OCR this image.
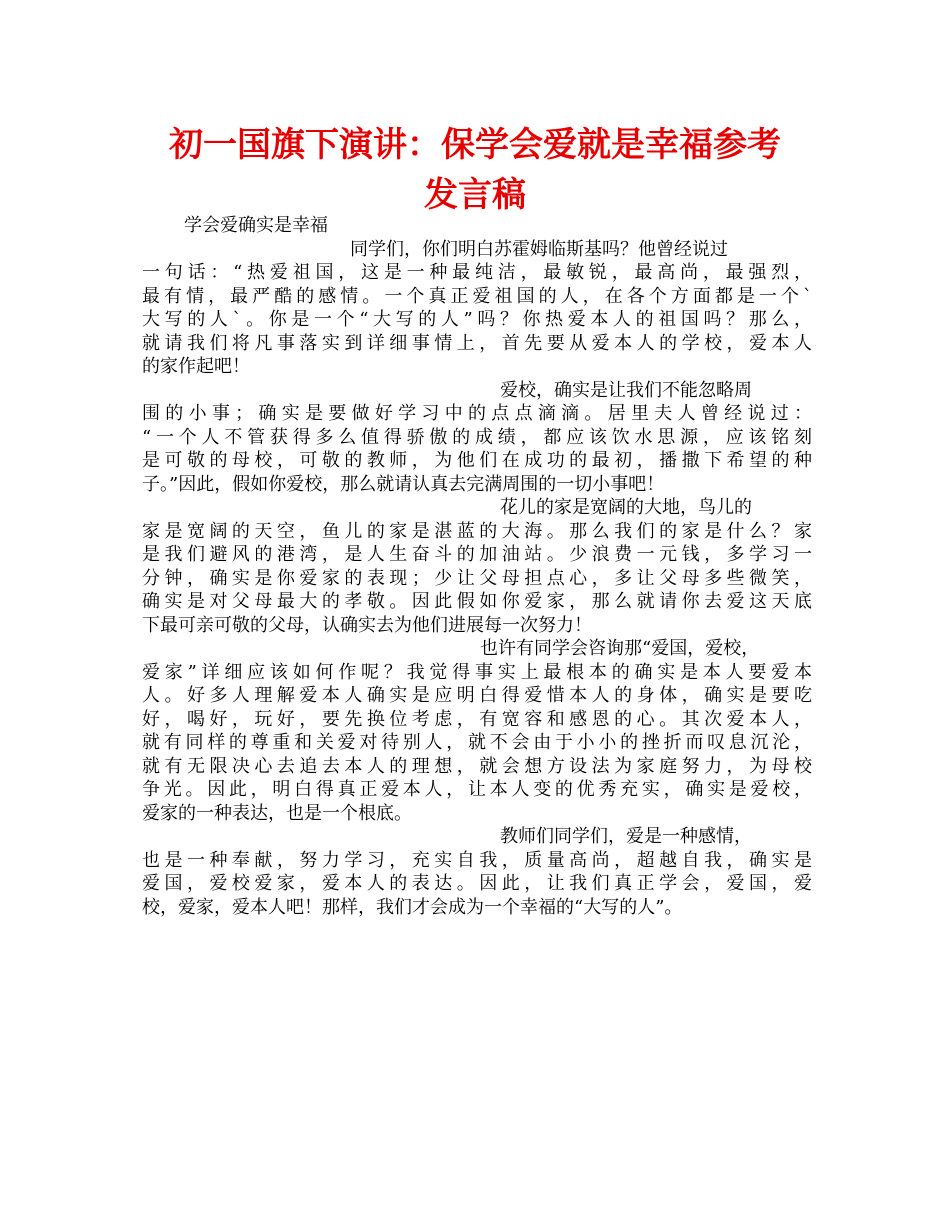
初一国旗下演讲：保学会爱就是幸福参考
发言稿
学会爱确实是幸福
同学们，你们明白苏霍姆临斯基吗？他曾经说过
一句话：“热爱祖国，这是一种最纯洁，最敏锐，最高尚，最强烈，
最有情，最严酷的感情。一个真正爱祖国的人，在各个方面都是一个`
大写的人`。你是一个“大写的人”吗？你热爱本人的祖国吗？那么，
就请我们将凡事落实到详细事情上，首先要从爱本人的学校，爱本人
的家作起吧！
爱校，确实是让我们不能忽略周
围的小事；确实是要做好学习中的点点滴滴。居里夫人曾经说过：
“一个人不管获得多么值得骄傲的成绩，都应该饮水思源，应该铭刻
是可敬的母校，可敬的教师，为他们在成功的最初，播撒下希望的种
子。”因此，假如你爱校，那么就请认真去完满周围的一切小事吧！
花儿的家是宽阔的大地，鸟儿的
家是宽阔的天空，鱼儿的家是湛蓝的大海。那么我们的家是什么？家
是我们避风的港湾，是人生奋斗的加油站。少浪费一元钱，多学习一
分钟，确实是你爱家的表现；少让父母担点心，多让父母多些微笑，
确实是对父母最大的孝敬。因此假如你爱家，那么就请你去爱这天底
下最可亲可敬的父母，认确实去为他们进展每一次努力！
也许有同学会咨询那“爱国，爱校，
爱家”详细应该如何作呢？我觉得事实上最根本的确实是本人要爱本
人。好多人理解爱本人确实是应明白得爱惜本人的身体，确实是要吃
好，喝好，玩好，要先换位考虑，有宽容和感恩的心。其次爱本人，
就有同样的尊重和关爱对待别人，就不会由于小小的挫折而叹息沉沦，
就有无限决心去追去本人的理想，就会想方设法为家庭努力，为母校
争光。因此，明白得真正爱本人，让本人变的优秀充实，确实是爱校，
爱家的一种表达，也是一个根底。
教师们同学们，爱是一种感情，
也是一种奉献，努力学习，充实自我，质量高尚，超越自我，确实是
爱国，爱校爱家，爱本人的表达。因此，让我们真正学会，爱国，爱
校，爱家，爱本人吧！那样，我们才会成为一个幸福的“大写的人”。
